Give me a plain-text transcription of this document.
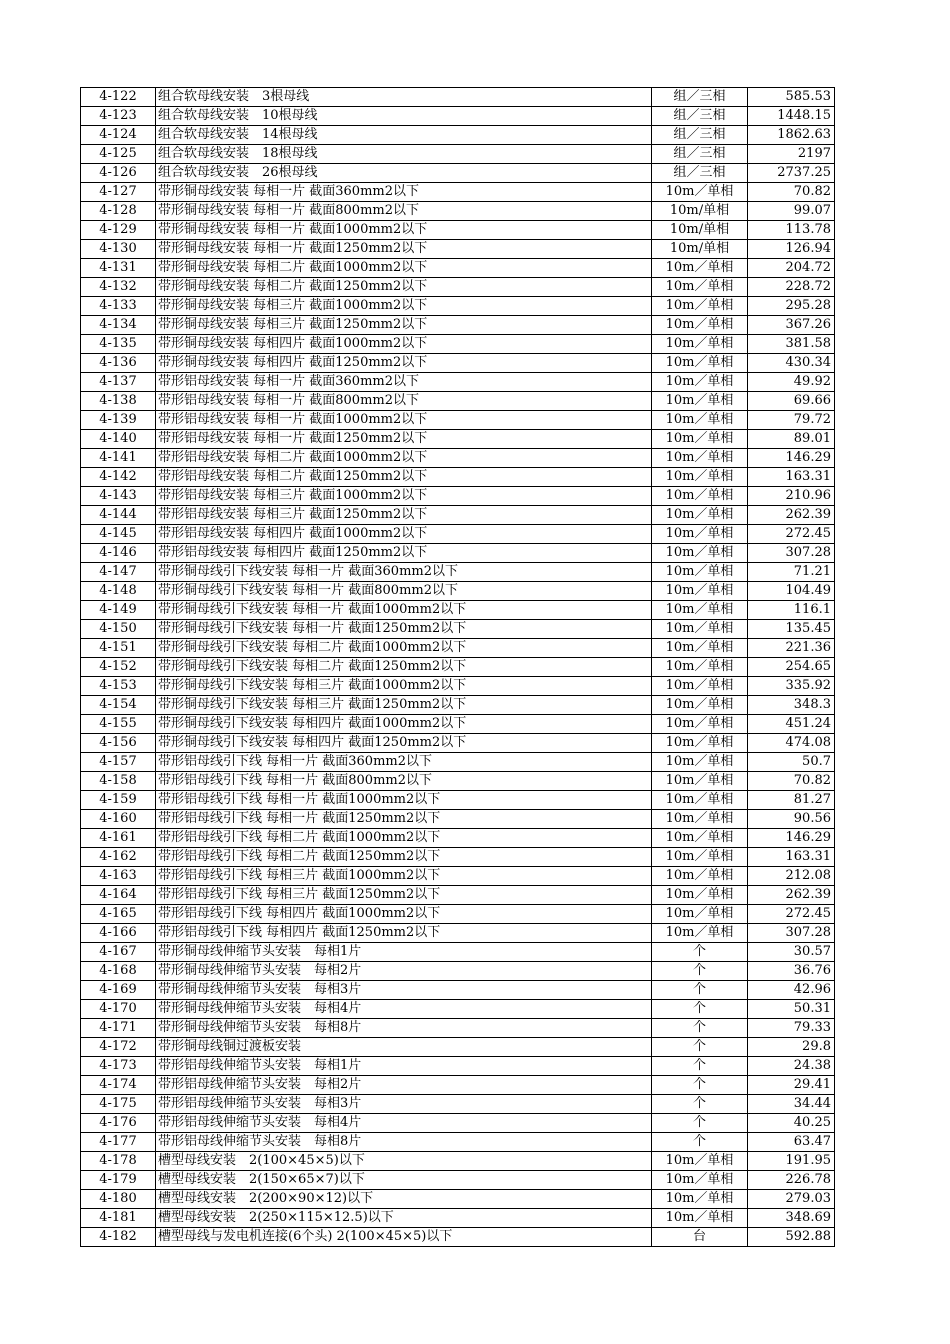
4-122	组合软母线安装　3根母线	组／三相	585.53
4-123	组合软母线安装　10根母线	组／三相	1448.15
4-124	组合软母线安装　14根母线	组／三相	1862.63
4-125	组合软母线安装　18根母线	组／三相	2197
4-126	组合软母线安装　26根母线	组／三相	2737.25
4-127	带形铜母线安装 每相一片 截面360mm2以下	10m／单相	70.82
4-128	带形铜母线安装 每相一片 截面800mm2以下	10m/单相	99.07
4-129	带形铜母线安装 每相一片 截面1000mm2以下	10m/单相	113.78
4-130	带形铜母线安装 每相一片 截面1250mm2以下	10m/单相	126.94
4-131	带形铜母线安装 每相二片 截面1000mm2以下	10m／单相	204.72
4-132	带形铜母线安装 每相二片 截面1250mm2以下	10m／单相	228.72
4-133	带形铜母线安装 每相三片 截面1000mm2以下	10m／单相	295.28
4-134	带形铜母线安装 每相三片 截面1250mm2以下	10m／单相	367.26
4-135	带形铜母线安装 每相四片 截面1000mm2以下	10m／单相	381.58
4-136	带形铜母线安装 每相四片 截面1250mm2以下	10m／单相	430.34
4-137	带形铝母线安装 每相一片 截面360mm2以下	10m／单相	49.92
4-138	带形铝母线安装 每相一片 截面800mm2以下	10m／单相	69.66
4-139	带形铝母线安装 每相一片 截面1000mm2以下	10m／单相	79.72
4-140	带形铝母线安装 每相一片 截面1250mm2以下	10m／单相	89.01
4-141	带形铝母线安装 每相二片 截面1000mm2以下	10m／单相	146.29
4-142	带形铝母线安装 每相二片 截面1250mm2以下	10m／单相	163.31
4-143	带形铝母线安装 每相三片 截面1000mm2以下	10m／单相	210.96
4-144	带形铝母线安装 每相三片 截面1250mm2以下	10m／单相	262.39
4-145	带形铝母线安装 每相四片 截面1000mm2以下	10m／单相	272.45
4-146	带形铝母线安装 每相四片 截面1250mm2以下	10m／单相	307.28
4-147	带形铜母线引下线安装 每相一片 截面360mm2以下	10m／单相	71.21
4-148	带形铜母线引下线安装 每相一片 截面800mm2以下	10m／单相	104.49
4-149	带形铜母线引下线安装 每相一片 截面1000mm2以下	10m／单相	116.1
4-150	带形铜母线引下线安装 每相一片 截面1250mm2以下	10m／单相	135.45
4-151	带形铜母线引下线安装 每相二片 截面1000mm2以下	10m／单相	221.36
4-152	带形铜母线引下线安装 每相二片 截面1250mm2以下	10m／单相	254.65
4-153	带形铜母线引下线安装 每相三片 截面1000mm2以下	10m／单相	335.92
4-154	带形铜母线引下线安装 每相三片 截面1250mm2以下	10m／单相	348.3
4-155	带形铜母线引下线安装 每相四片 截面1000mm2以下	10m／单相	451.24
4-156	带形铜母线引下线安装 每相四片 截面1250mm2以下	10m／单相	474.08
4-157	带形铝母线引下线 每相一片 截面360mm2以下	10m／单相	50.7
4-158	带形铝母线引下线 每相一片 截面800mm2以下	10m／单相	70.82
4-159	带形铝母线引下线 每相一片 截面1000mm2以下	10m／单相	81.27
4-160	带形铝母线引下线 每相一片 截面1250mm2以下	10m／单相	90.56
4-161	带形铝母线引下线 每相二片 截面1000mm2以下	10m／单相	146.29
4-162	带形铝母线引下线 每相二片 截面1250mm2以下	10m／单相	163.31
4-163	带形铝母线引下线 每相三片 截面1000mm2以下	10m／单相	212.08
4-164	带形铝母线引下线 每相三片 截面1250mm2以下	10m／单相	262.39
4-165	带形铝母线引下线 每相四片 截面1000mm2以下	10m／单相	272.45
4-166	带形铝母线引下线 每相四片 截面1250mm2以下	10m／单相	307.28
4-167	带形铜母线伸缩节头安装　每相1片	个	30.57
4-168	带形铜母线伸缩节头安装　每相2片	个	36.76
4-169	带形铜母线伸缩节头安装　每相3片	个	42.96
4-170	带形铜母线伸缩节头安装　每相4片	个	50.31
4-171	带形铜母线伸缩节头安装　每相8片	个	79.33
4-172	带形铜母线铜过渡板安装	个	29.8
4-173	带形铝母线伸缩节头安装　每相1片	个	24.38
4-174	带形铝母线伸缩节头安装　每相2片	个	29.41
4-175	带形铝母线伸缩节头安装　每相3片	个	34.44
4-176	带形铝母线伸缩节头安装　每相4片	个	40.25
4-177	带形铝母线伸缩节头安装　每相8片	个	63.47
4-178	槽型母线安装　2(100×45×5)以下	10m／单相	191.95
4-179	槽型母线安装　2(150×65×7)以下	10m／单相	226.78
4-180	槽型母线安装　2(200×90×12)以下	10m／单相	279.03
4-181	槽型母线安装　2(250×115×12.5)以下	10m／单相	348.69
4-182	槽型母线与发电机连接(6个头) 2(100×45×5)以下	台	592.88
